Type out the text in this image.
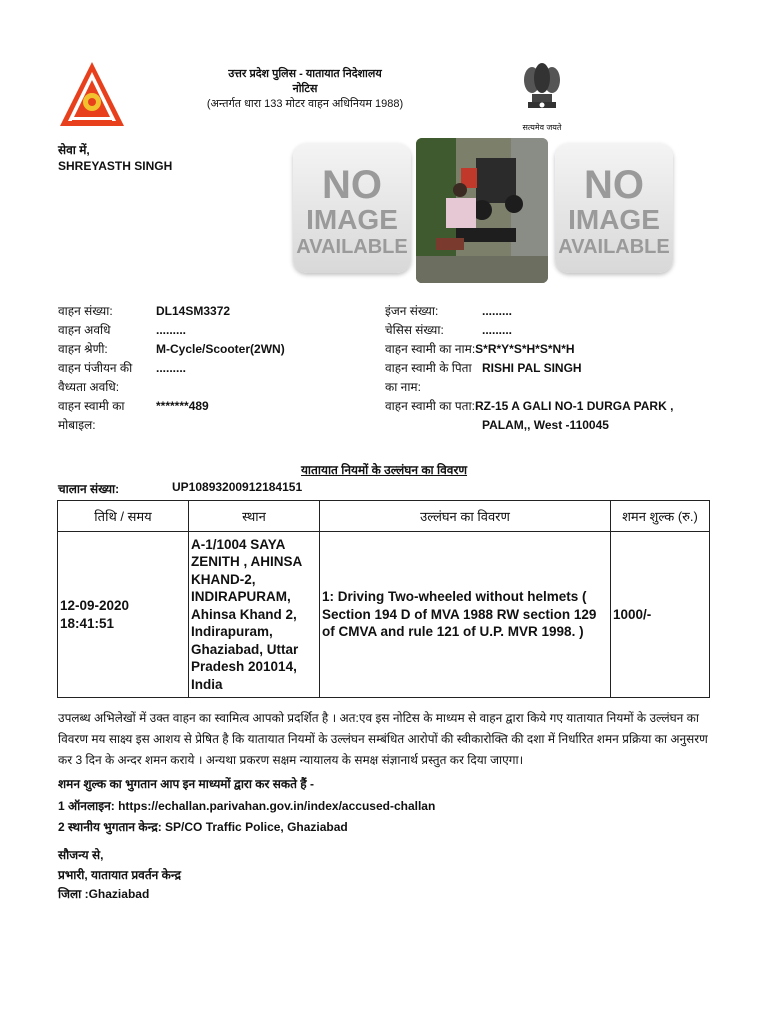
उत्तर प्रदेश पुलिस - यातायात निदेशालय
नोटिस
(अन्तर्गत धारा 133 मोटर वाहन अधिनियम 1988)
सत्यमेव जयते
सेवा में,
SHREYASTH SINGH	NO
IMAGE
AVAILABLE
NO
IMAGE
AVAILABLE
वाहन संख्या:	DL14SM3372
वाहन अवधि	.........
वाहन श्रेणी:	M-Cycle/Scooter(2WN)
वाहन पंजीयन की	.........
वैध्यता अवधि:
वाहन स्वामी का	*******489
मोबाइल:
इंजन संख्या:	.........
चेसिस संख्या:	.........
वाहन स्वामी का नाम: S*R*Y*S*H*S*N*H
वाहन स्वामी के पिता RISHI PAL SINGH
का नाम:
वाहन स्वामी का पता: RZ-15 A GALI NO-1 DURGA PARK ,
PALAM,, West -110045
यातायात नियमों के उल्लंघन का विवरण
चालान संख्या:	UP10893200912184151
तिथि / समय	स्थान	उल्लंघन का विवरण	शमन शुल्क (रु.)
12-09-2020 18:41:51	A-1/1004 SAYA ZENITH , AHINSA KHAND-2, INDIRAPURAM, Ahinsa Khand 2, Indirapuram, Ghaziabad, Uttar Pradesh 201014, India	1: Driving Two-wheeled without helmets ( Section 194 D of MVA 1988 RW section 129 of CMVA and rule 121 of U.P. MVR 1998. )	1000/-
उपलब्ध अभिलेखों में उक्त वाहन का स्वामित्व आपको प्रदर्शित है । अत:एव इस नोटिस के माध्यम से वाहन द्वारा किये गए यातायात नियमों के उल्लंघन का विवरण मय साक्ष्य इस आशय से प्रेषित है कि यातायात नियमों के उल्लंघन सम्बंधित आरोपों की स्वीकारोक्ति की दशा में निर्धारित शमन प्रक्रिया का अनुसरण कर 3 दिन के अन्दर शमन कराये । अन्यथा प्रकरण सक्षम न्यायालय के समक्ष संज्ञानार्थ प्रस्तुत कर दिया जाएगा।
शमन शुल्क का भुगतान आप इन माध्यमों द्वारा कर सकते हैं -
1 ऑनलाइन: https://echallan.parivahan.gov.in/index/accused-challan
2 स्थानीय भुगतान केन्द्र: SP/CO Traffic Police, Ghaziabad
सौजन्य से,
प्रभारी, यातायात प्रवर्तन केन्द्र
जिला :Ghaziabad
